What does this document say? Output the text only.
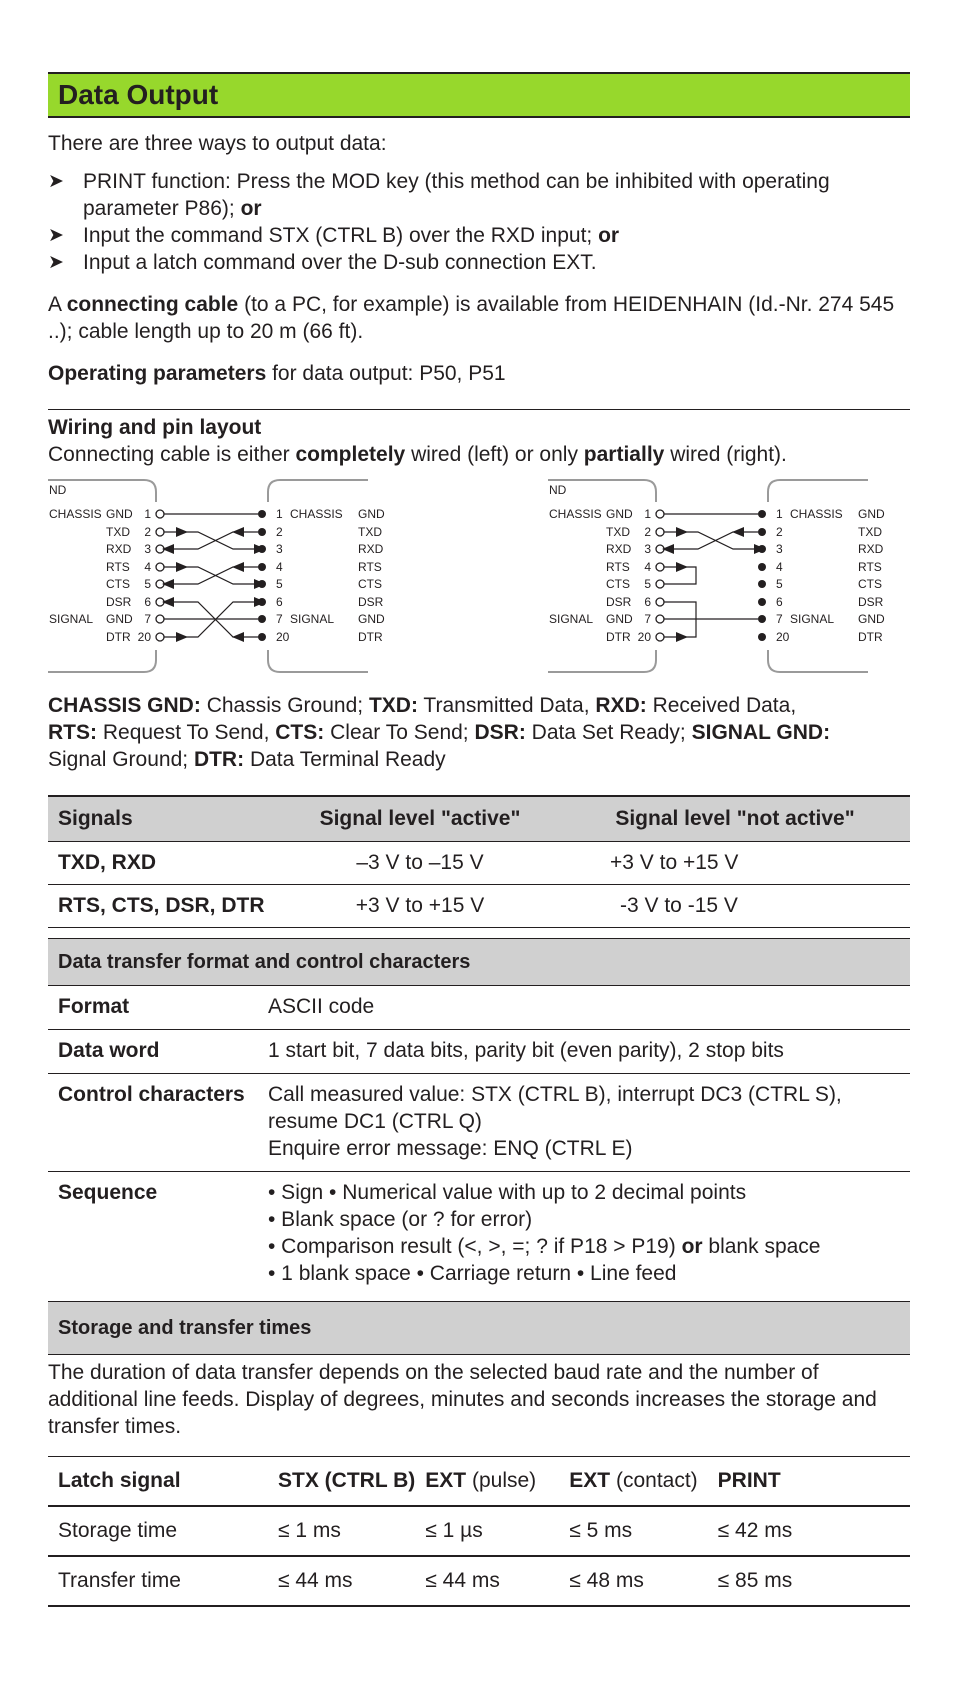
Data Output

There are three ways to output data:

➤ PRINT function: Press the MOD key (this method can be inhibited with operating parameter P86); or
➤ Input the command STX (CTRL B) over the RXD input; or
➤ Input a latch command over the D-sub connection EXT.

A connecting cable (to a PC, for example) is available from HEIDENHAIN (Id.-Nr. 274 545 ..); cable length up to 20 m (66 ft).

Operating parameters for data output: P50, P51

Wiring and pin layout

Connecting cable is either completely wired (left) or only partially wired (right).

ND
CHASSIS
SIGNAL
GND 1	1 CHASSIS GND
TXD 2	2	TXD
RXD 3	3	RXD
RTS 4	4	RTS
CTS 5	5	CTS
DSR 6	6	DSR
GND 7	7 SIGNAL GND
DTR 20	20	DTR
ND
CHASSIS
SIGNAL
GND 1	1 CHASSIS GND
TXD 2	2	TXD
RXD 3	3	RXD
RTS 4	4	RTS
CTS 5	5	CTS
DSR 6	6	DSR
GND 7	7 SIGNAL GND
DTR 20	20	DTR

CHASSIS GND: Chassis Ground; TXD: Transmitted Data, RXD: Received Data,
RTS: Request To Send, CTS: Clear To Send; DSR: Data Set Ready; SIGNAL GND:
Signal Ground; DTR: Data Terminal Ready

Signals	Signal level "active"	Signal level "not active"
TXD, RXD	–3 V to –15 V	+3 V to +15 V
RTS, CTS, DSR, DTR	+3 V to +15 V	-3 V to -15 V
Data transfer format and control characters	
Format	ASCII code
Data word	1 start bit, 7 data bits, parity bit (even parity), 2 stop bits
Control characters	Call measured value: STX (CTRL B), interrupt DC3 (CTRL S), resume DC1 (CTRL Q)
Enquire error message: ENQ (CTRL E)

Sequence	• Sign • Numerical value with up to 2 decimal points
• Blank space (or ? for error)
• Comparison result (<, >, =; ? if P18 > P19) or blank space
• 1 blank space • Carriage return • Line feed
Storage and transfer times

The duration of data transfer depends on the selected baud rate and the number of additional line feeds. Display of degrees, minutes and seconds increases the storage and transfer times.

Latch signal	STX (CTRL B)	EXT (pulse)	EXT (contact)	PRINT
Storage time	≤ 1 ms	≤ 1 µs	≤ 5 ms	≤ 42 ms
Transfer time	≤ 44 ms	≤ 44 ms	≤ 48 ms	≤ 85 ms
